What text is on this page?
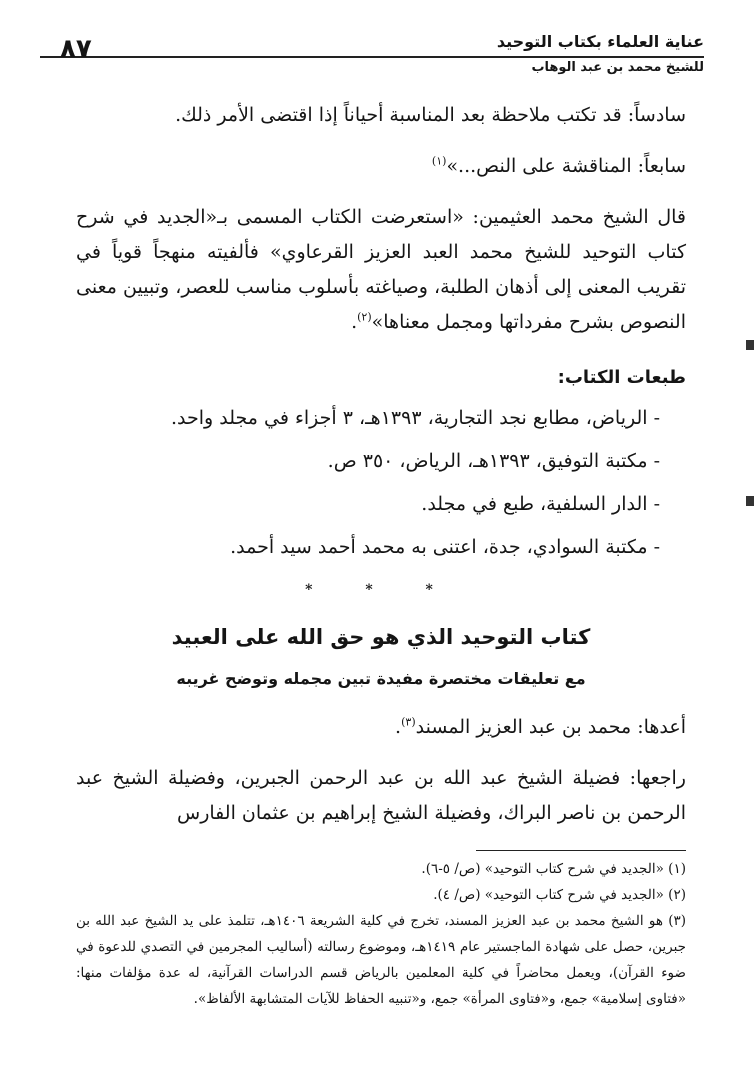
عناية العلماء بكتاب التوحيد
للشيخ محمد بن عبد الوهاب
٨٧

سادساً: قد تكتب ملاحظة بعد المناسبة أحياناً إذا اقتضى الأمر ذلك.

سابعاً: المناقشة على النص...»$^{(١)}$

قال الشيخ محمد العثيمين: «استعرضت الكتاب المسمى بـ«الجديد في شرح كتاب التوحيد للشيخ محمد العبد العزيز القرعاوي» فألفيته منهجاً قوياً في تقريب المعنى إلى أذهان الطلبة، وصياغته بأسلوب مناسب للعصر، وتبيين معنى النصوص بشرح مفرداتها ومجمل معناها»$^{(٢)}$.

طبعات الكتاب:
- الرياض، مطابع نجد التجارية، ١٣٩٣هـ، ٣ أجزاء في مجلد واحد.
- مكتبة التوفيق، ١٣٩٣هـ، الرياض، ٣٥٠ ص.
- الدار السلفية، طبع في مجلد.
- مكتبة السوادي، جدة، اعتنى به محمد أحمد سيد أحمد.
* * *
كتاب التوحيد الذي هو حق الله على العبيد
مع تعليقات مختصرة مفيدة تبين مجمله وتوضح غريبه

أعدها: محمد بن عبد العزيز المسند$^{(٣)}$.

راجعها: فضيلة الشيخ عبد الله بن عبد الرحمن الجبرين، وفضيلة الشيخ عبد الرحمن بن ناصر البراك، وفضيلة الشيخ إبراهيم بن عثمان الفارس

(١) «الجديد في شرح كتاب التوحيد» (ص/ ٥-٦).

(٢) «الجديد في شرح كتاب التوحيد» (ص/ ٤).

(٣) هو الشيخ محمد بن عبد العزيز المسند، تخرج في كلية الشريعة ١٤٠٦هـ، تتلمذ على يد الشيخ عبد الله بن جبرين، حصل على شهادة الماجستير عام ١٤١٩هـ، وموضوع رسالته (أساليب المجرمين في التصدي للدعوة في ضوء القرآن)، ويعمل محاضراً في كلية المعلمين بالرياض قسم الدراسات القرآنية، له عدة مؤلفات منها: «فتاوى إسلامية» جمع، و«فتاوى المرأة» جمع، و«تنبيه الحفاظ للآيات المتشابهة الألفاظ».
